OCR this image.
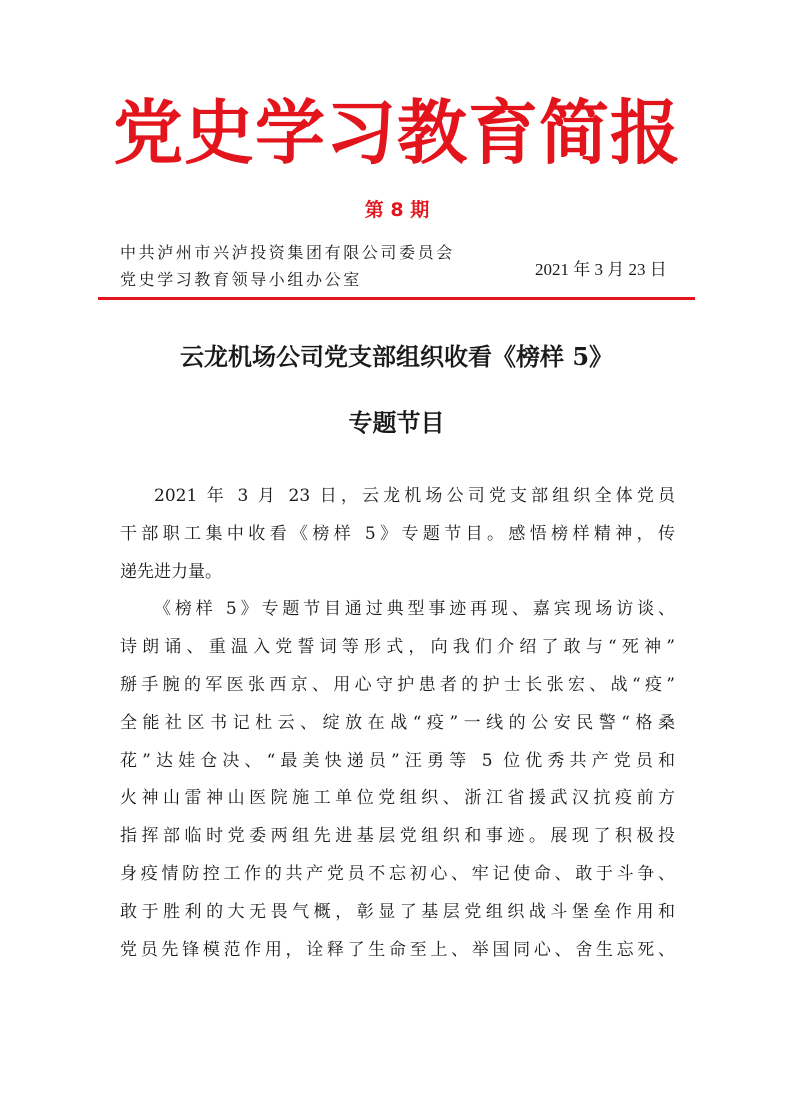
党史学习教育简报
第 8 期
中共泸州市兴泸投资集团有限公司委员会
党史学习教育领导小组办公室
2021 年 3 月 23 日
云龙机场公司党支部组织收看《榜样 5》
专题节目

2021 年 3 月 23 日，云龙机场公司党支部组织全体党员
干部职工集中收看《榜样 5》专题节目。感悟榜样精神，传
递先进力量。

《榜样 5》专题节目通过典型事迹再现、嘉宾现场访谈、
诗朗诵、重温入党誓词等形式，向我们介绍了敢与“死神”
掰手腕的军医张西京、用心守护患者的护士长张宏、战“疫”
全能社区书记杜云、绽放在战“疫”一线的公安民警“格桑
花”达娃仓决、“最美快递员”汪勇等 5 位优秀共产党员和
火神山雷神山医院施工单位党组织、浙江省援武汉抗疫前方
指挥部临时党委两组先进基层党组织和事迹。展现了积极投
身疫情防控工作的共产党员不忘初心、牢记使命、敢于斗争、
敢于胜利的大无畏气概，彰显了基层党组织战斗堡垒作用和
党员先锋模范作用，诠释了生命至上、举国同心、舍生忘死、
